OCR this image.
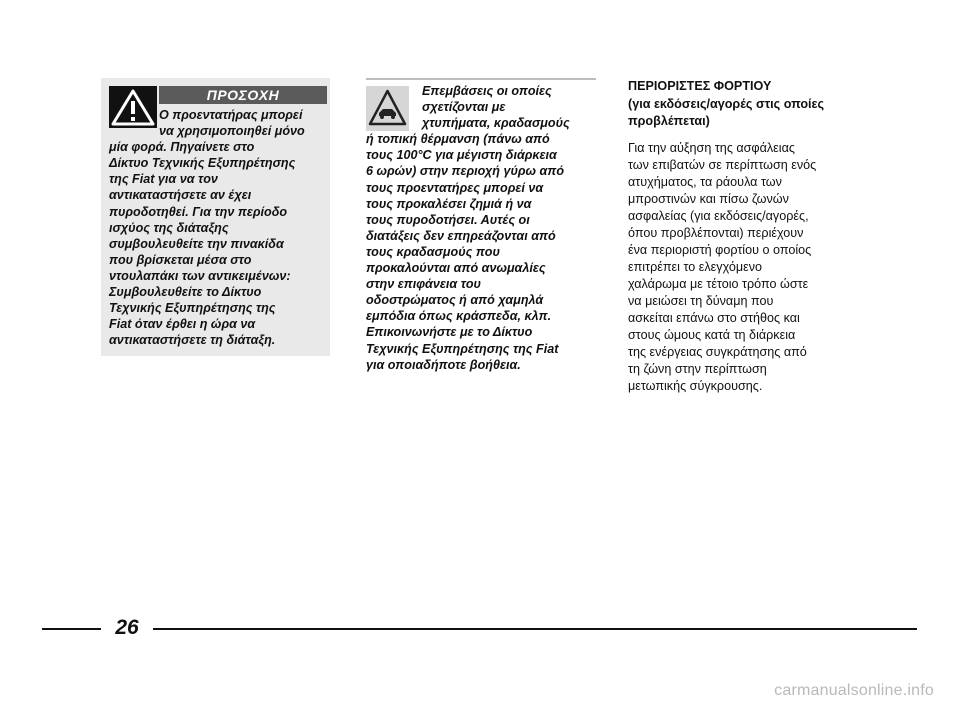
ΠΡΟΣΟΧΗ
Ο προεντατήρας μπορεί
να χρησιμοποιηθεί μόνο
μία φορά. Πηγαίνετε στο
Δίκτυο Τεχνικής Εξυπηρέτησης
της Fiat για να τον
αντικαταστήσετε αν έχει
πυροδοτηθεί. Για την περίοδο
ισχύος της διάταξης
συμβουλευθείτε την πινακίδα
που βρίσκεται μέσα στο
ντουλαπάκι των αντικειμένων:
Συμβουλευθείτε το Δίκτυο
Τεχνικής Εξυπηρέτησης της
Fiat όταν έρθει η ώρα να
αντικαταστήσετε τη διάταξη.
Επεμβάσεις οι οποίες
σχετίζονται με
χτυπήματα, κραδασμούς
ή τοπική θέρμανση (πάνω από
τους 100°C για μέγιστη διάρκεια
6 ωρών) στην περιοχή γύρω από
τους προεντατήρες μπορεί να
τους προκαλέσει ζημιά ή να
τους πυροδοτήσει. Αυτές οι
διατάξεις δεν επηρεάζονται από
τους κραδασμούς που
προκαλούνται από ανωμαλίες
στην επιφάνεια του
οδοστρώματος ή από χαμηλά
εμπόδια όπως κράσπεδα, κλπ.
Επικοινωνήστε με το Δίκτυο
Τεχνικής Εξυπηρέτησης της Fiat
για οποιαδήποτε βοήθεια.
ΠΕΡΙΟΡΙΣΤΕΣ ΦΟΡΤΙΟΥ
(για εκδόσεις/αγορές στις οποίες
προβλέπεται)
Για την αύξηση της ασφάλειας
των επιβατών σε περίπτωση ενός
ατυχήματος, τα ράουλα των
μπροστινών και πίσω ζωνών
ασφαλείας (για εκδόσεις/αγορές,
όπου προβλέπονται) περιέχουν
ένα περιοριστή φορτίου ο οποίος
επιτρέπει το ελεγχόμενο
χαλάρωμα με τέτοιο τρόπο ώστε
να μειώσει τη δύναμη που
ασκείται επάνω στο στήθος και
στους ώμους κατά τη διάρκεια
της ενέργειας συγκράτησης από
τη ζώνη στην περίπτωση
μετωπικής σύγκρουσης.
26
carmanualsonline.info
